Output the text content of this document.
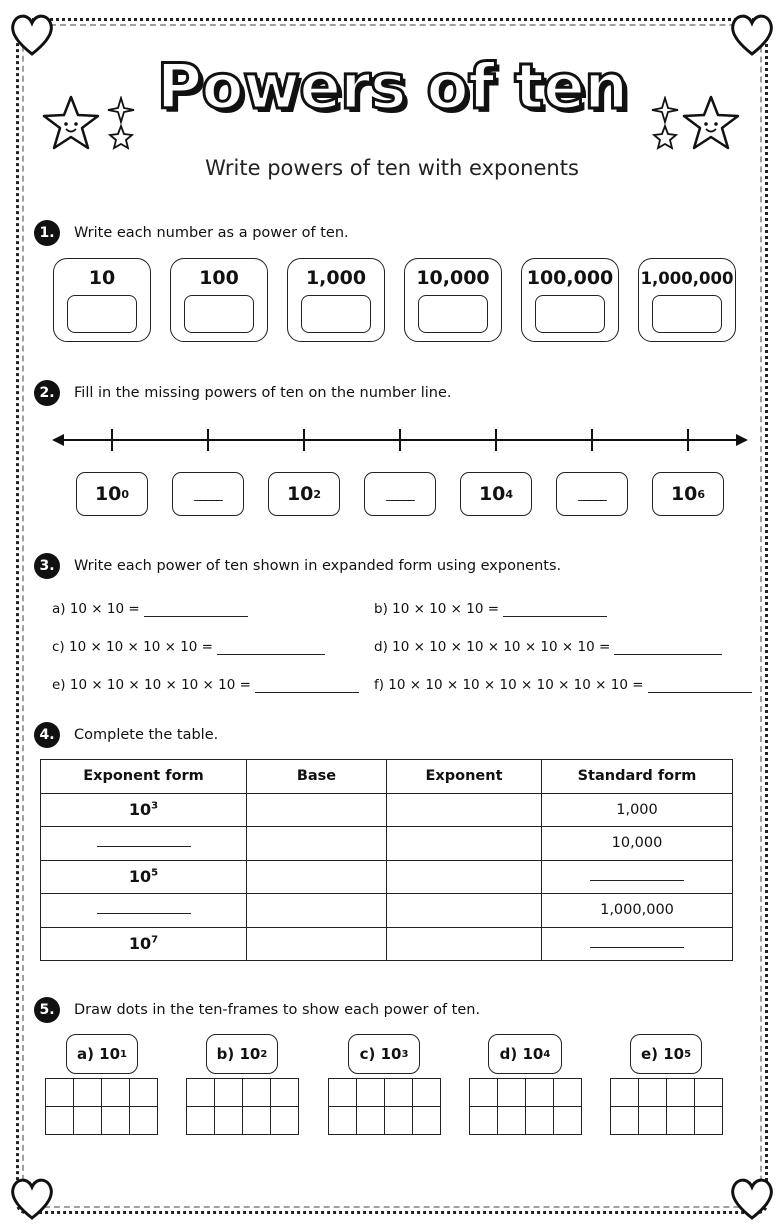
Powers of ten
Write powers of ten with exponents
1.	Write each number as a power of ten.
10	100	1,000	10,000	100,000 1,000,000
2.	Fill in the missing powers of ten on the number line.
10 0	_____	10 2	_____	10 4	_____	10 6
3.	Write each power of ten shown in expanded form using exponents.
a) 10 × 10 =	b) 10 × 10 × 10 =
c) 10 × 10 × 10 × 10 =	d) 10 × 10 × 10 × 10 × 10 × 10 =
e) 10 × 10 × 10 × 10 × 10 =	f) 10 × 10 × 10 × 10 × 10 × 10 × 10 =
4.	Complete the table.
Exponent form	Base	Exponent	Standard form
$10^3$			1,000
			10,000
$10^5$			
			1,000,000
$10^7$			
5.	Draw dots in the ten-frames to show each power of ten.
a) 10 1	b) 10 2	c) 10 3	d) 10 4	e) 10 5
